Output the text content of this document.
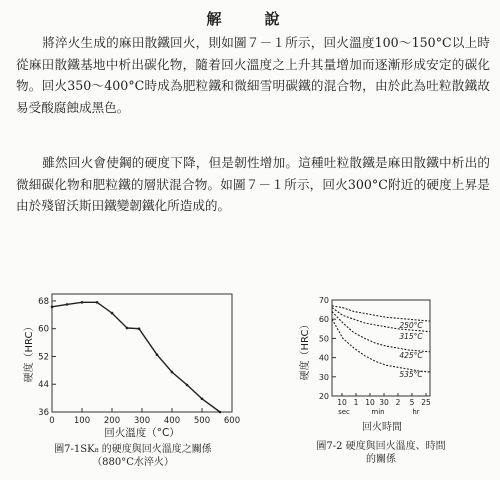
解　說
將淬火生成的麻田散鐵回火，則如圖７－１所示，回火溫度100～150°C以上時從麻田散鐵基地中析出碳化物，隨着回火溫度之上升其量增加而逐漸形成安定的碳化物。回火350～400°C時成為肥粒鐵和微細雪明碳鐵的混合物，由於此為吐粒散鐵故易受酸腐蝕成黑色。
雖然回火會使鋼的硬度下降，但是韌性增加。這種吐粒散鐵是麻田散鐵中析出的微細碳化物和肥粒鐵的層狀混合物。如圖７－１所示，回火300°C附近的硬度上昇是由於殘留沃斯田鐵變韌鐵化所造成的。
硬度（HRC）
68
60
52
44
36
0 100 200 300 400 500 600
回火溫度（°C）
圖7-1SK₈ 的硬度與回火溫度之關係
（880°C水淬火）
硬度（HRC）
70
60
50
40
30
20
10 1 10 30 2 5 25
sec	min	hr
250°C
315°C
425°C
535°C
回火時間
圖7-2 硬度與回火溫度、時間
的關係
